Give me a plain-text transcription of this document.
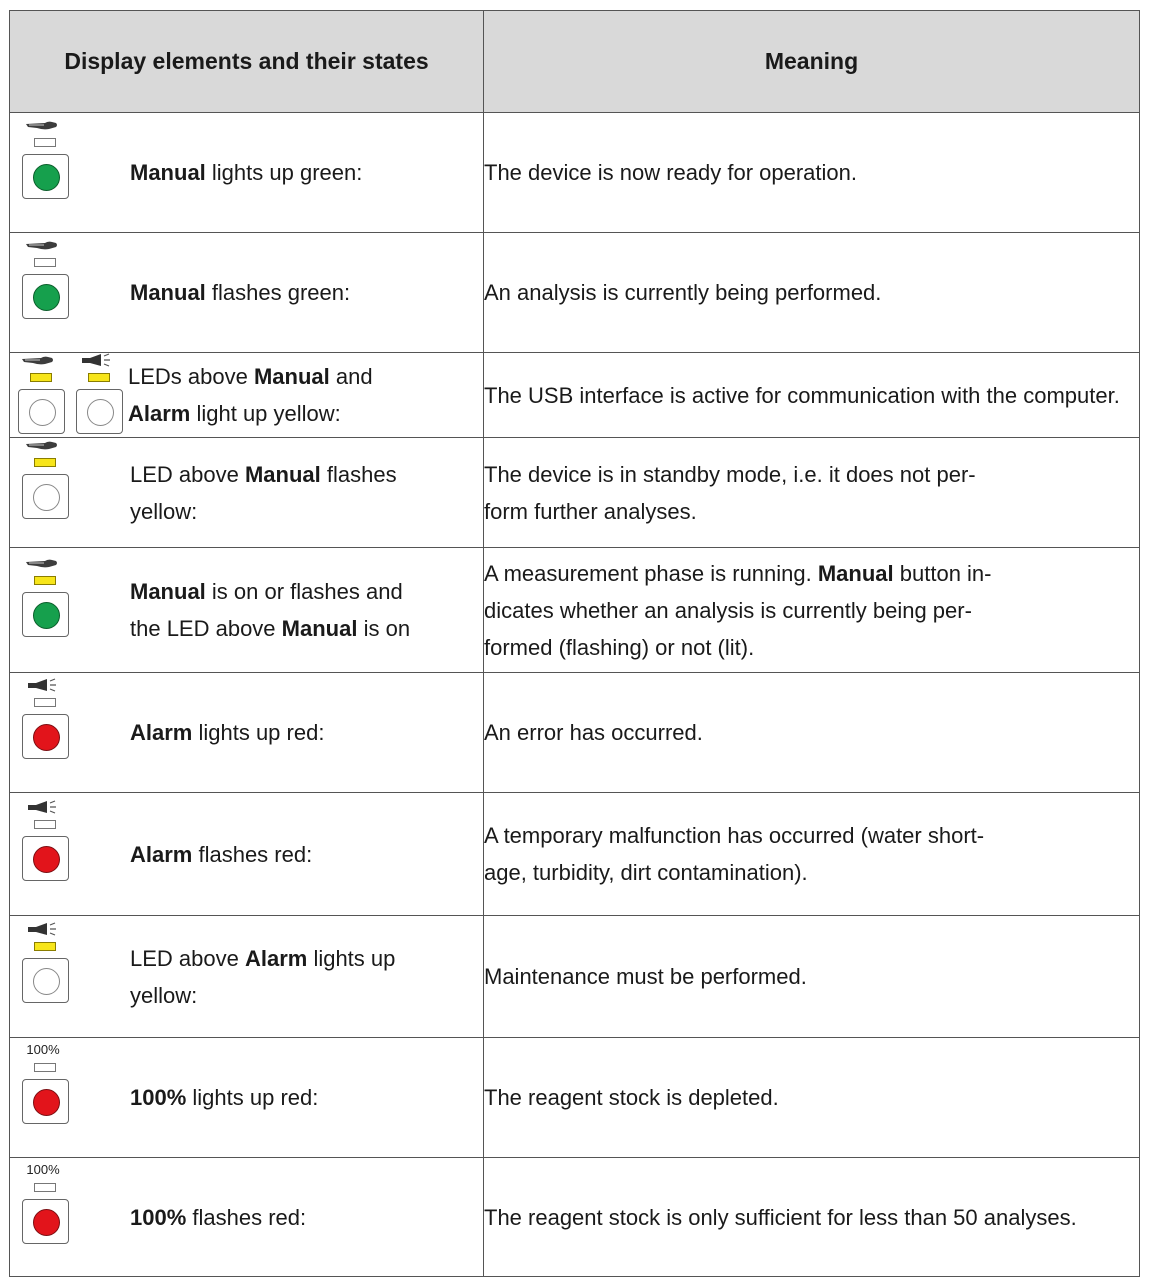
Display elements and their states	Meaning

Manual lights up green:	The device is now ready for operation.

Manual flashes green:	An analysis is currently being performed.

LEDs above Manual and
Alarm light up yellow:	The USB interface is active for communication with the computer.

LED above Manual flashes
yellow:	The device is in standby mode, i.e. it does not per-
form further analyses.

Manual is on or flashes and
the LED above Manual is on	A measurement phase is running. Manual button in-
dicates whether an analysis is currently being per-
formed (flashing) or not (lit).

Alarm lights up red:	An error has occurred.

Alarm flashes red:	A temporary malfunction has occurred (water short-
age, turbidity, dirt contamination).

LED above Alarm lights up
yellow:	Maintenance must be performed.

100%
100% lights up red:	The reagent stock is depleted.

100%
100% flashes red:	The reagent stock is only sufficient for less than 50 analyses.
